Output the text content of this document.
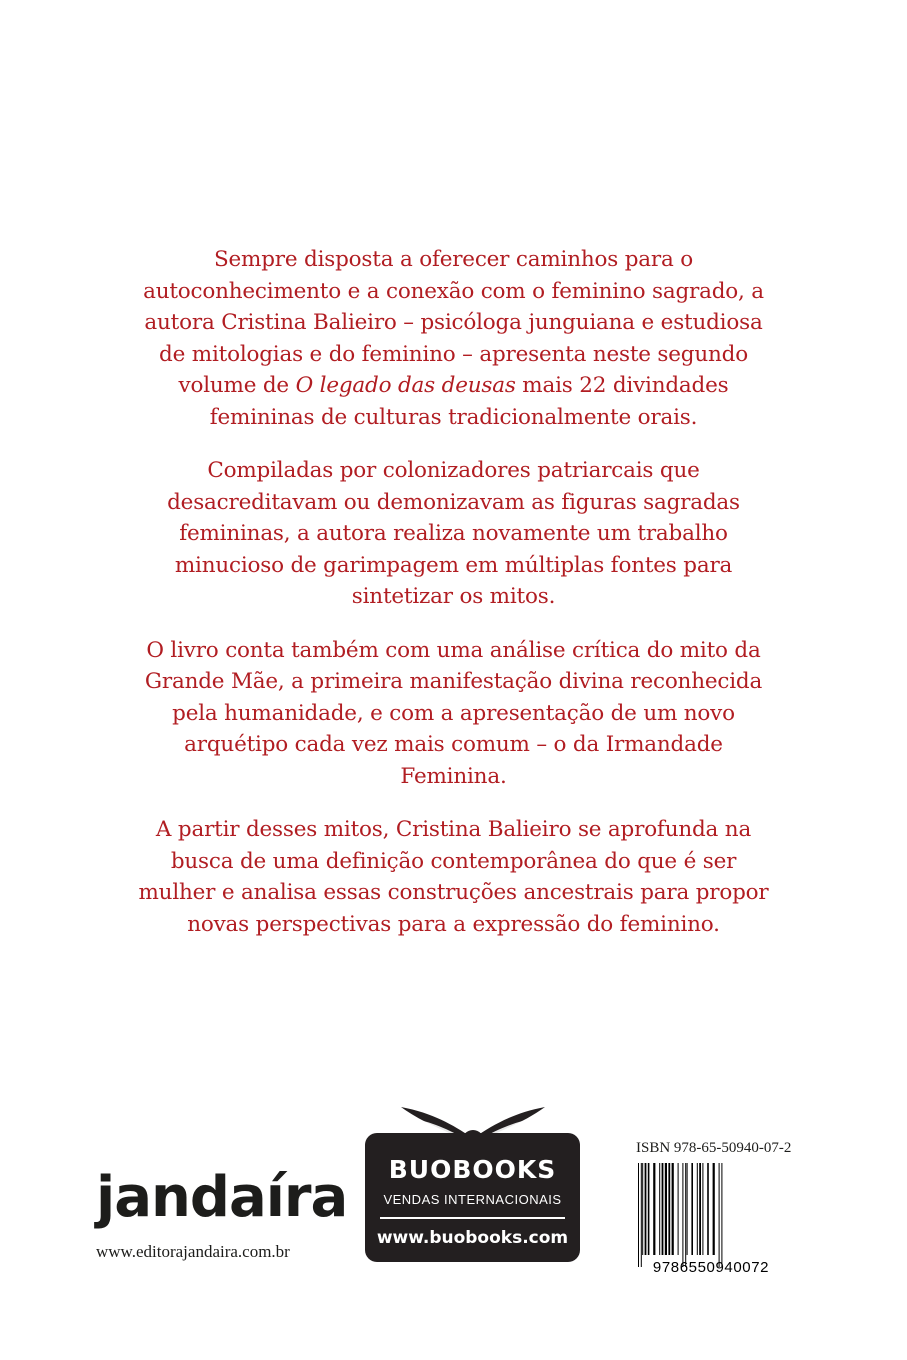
Sempre disposta a oferecer caminhos para o autoconhecimento e a conexão com o feminino sagrado, a autora Cristina Balieiro – psicóloga junguiana e estudiosa de mitologias e do feminino – apresenta neste segundo volume de O legado das deusas mais 22 divindades femininas de culturas tradicionalmente orais.

Compiladas por colonizadores patriarcais que desacreditavam ou demonizavam as figuras sagradas femininas, a autora realiza novamente um trabalho minucioso de garimpagem em múltiplas fontes para sintetizar os mitos.

O livro conta também com uma análise crítica do mito da Grande Mãe, a primeira manifestação divina reconhecida pela humanidade, e com a apresentação de um novo arquétipo cada vez mais comum – o da Irmandade Feminina.

A partir desses mitos, Cristina Balieiro se aprofunda na busca de uma definição contemporânea do que é ser mulher e analisa essas construções ancestrais para propor novas perspectivas para a expressão do feminino.

jandaíra
www.editorajandaira.com.br
BUOBOOKS
VENDAS INTERNACIONAIS
www.buobooks.com
ISBN 978-65-50940-07-2
9786550940072
